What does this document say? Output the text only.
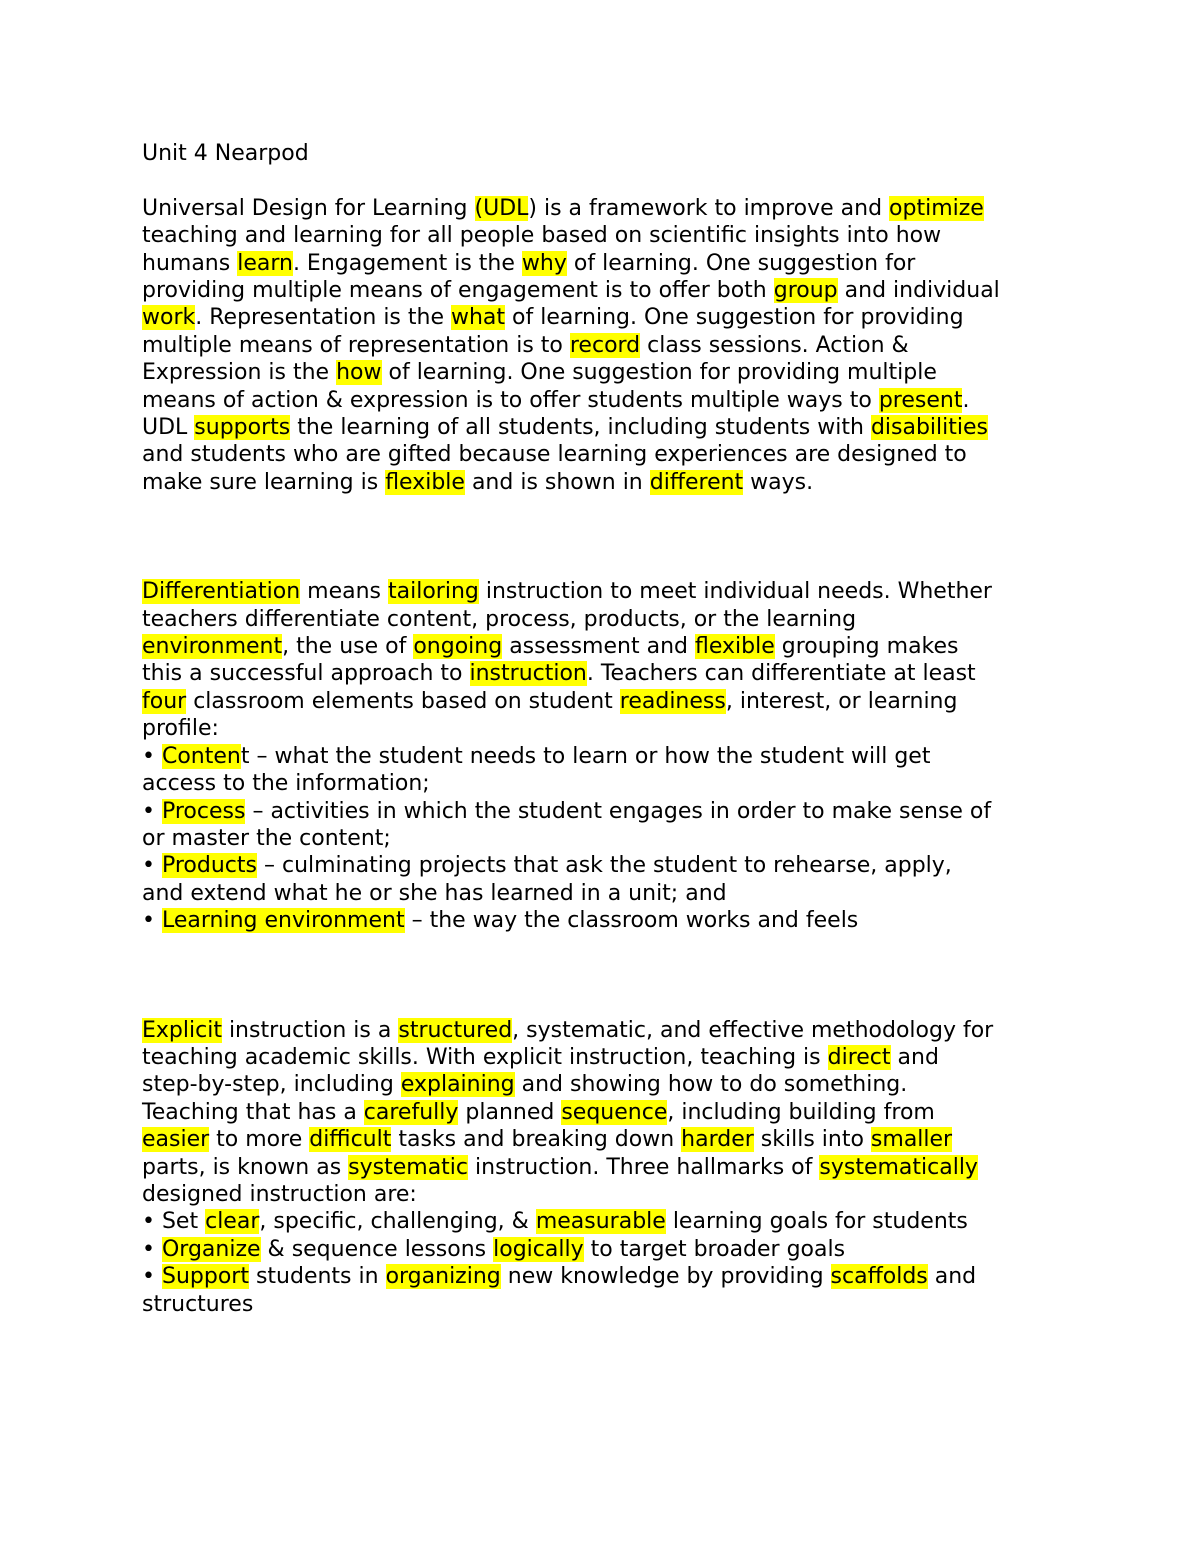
Unit 4 Nearpod
Universal Design for Learning (UDL) is a framework to improve and optimize
teaching and learning for all people based on scientific insights into how
humans learn. Engagement is the why of learning. One suggestion for
providing multiple means of engagement is to offer both group and individual
work. Representation is the what of learning. One suggestion for providing
multiple means of representation is to record class sessions. Action &
Expression is the how of learning. One suggestion for providing multiple
means of action & expression is to offer students multiple ways to present.
UDL supports the learning of all students, including students with disabilities
and students who are gifted because learning experiences are designed to
make sure learning is flexible and is shown in different ways.
Differentiation means tailoring instruction to meet individual needs. Whether
teachers differentiate content, process, products, or the learning
environment, the use of ongoing assessment and flexible grouping makes
this a successful approach to instruction. Teachers can differentiate at least
four classroom elements based on student readiness, interest, or learning
profile:
• Content – what the student needs to learn or how the student will get
access to the information;
• Process – activities in which the student engages in order to make sense of
or master the content;
• Products – culminating projects that ask the student to rehearse, apply,
and extend what he or she has learned in a unit; and
• Learning environment – the way the classroom works and feels
Explicit instruction is a structured, systematic, and effective methodology for
teaching academic skills. With explicit instruction, teaching is direct and
step-by-step, including explaining and showing how to do something.
Teaching that has a carefully planned sequence, including building from
easier to more difficult tasks and breaking down harder skills into smaller
parts, is known as systematic instruction. Three hallmarks of systematically
designed instruction are:
• Set clear, specific, challenging, & measurable learning goals for students
• Organize & sequence lessons logically to target broader goals
• Support students in organizing new knowledge by providing scaffolds and
structures
